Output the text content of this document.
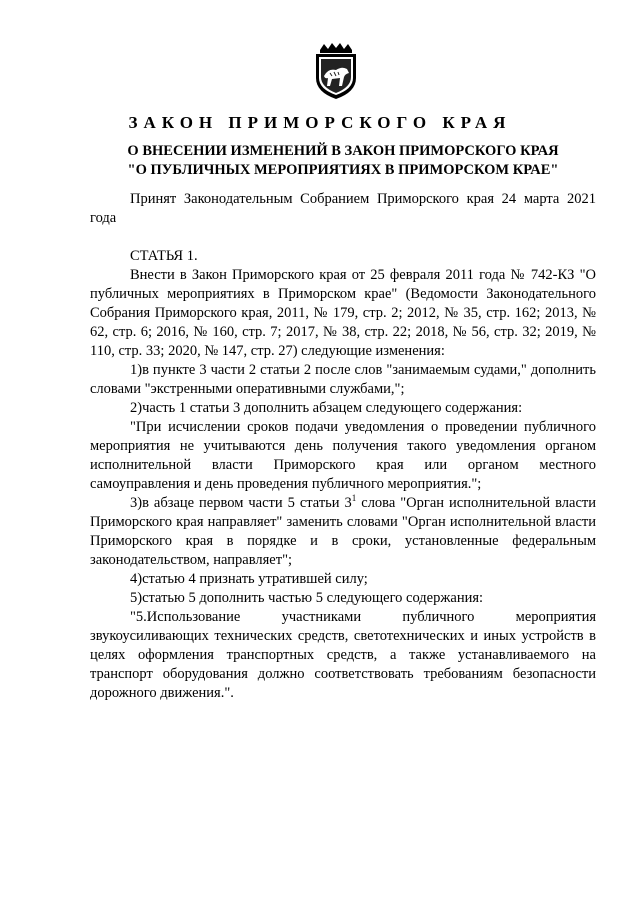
ЗАКОН ПРИМОРСКОГО КРАЯ
О ВНЕСЕНИИ ИЗМЕНЕНИЙ В ЗАКОН ПРИМОРСКОГО КРАЯ
"О ПУБЛИЧНЫХ МЕРОПРИЯТИЯХ В ПРИМОРСКОМ КРАЕ"

Принят Законодательным Собранием Приморского края 24 марта 2021 года

СТАТЬЯ 1.

Внести в Закон Приморского края от 25 февраля 2011 года № 742-КЗ "О публичных мероприятиях в Приморском крае" (Ведомости Законодательного Собрания Приморского края, 2011, № 179, стр. 2; 2012, № 35, стр. 162; 2013, № 62, стр. 6; 2016, № 160, стр. 7; 2017, № 38, стр. 22; 2018, № 56, стр. 32; 2019, № 110, стр. 33; 2020, № 147, стр. 27) следующие изменения:

1)в пункте 3 части 2 статьи 2 после слов "занимаемым судами," дополнить словами "экстренными оперативными службами,";

2)часть 1 статьи 3 дополнить абзацем следующего содержания:

"При исчислении сроков подачи уведомления о проведении публичного мероприятия не учитываются день получения такого уведомления органом исполнительной власти Приморского края или органом местного самоуправления и день проведения публичного мероприятия.";

3)в абзаце первом части 5 статьи $3^1$ слова "Орган исполнительной власти Приморского края направляет" заменить словами "Орган исполнительной власти Приморского края в порядке и в сроки, установленные федеральным законодательством, направляет";

4)статью 4 признать утратившей силу;

5)статью 5 дополнить частью 5 следующего содержания:

"5.Использование участниками публичного мероприятия звукоусиливающих технических средств, светотехнических и иных устройств в целях оформления транспортных средств, а также устанавливаемого на транспорт оборудования должно соответствовать требованиям безопасности дорожного движения.".
